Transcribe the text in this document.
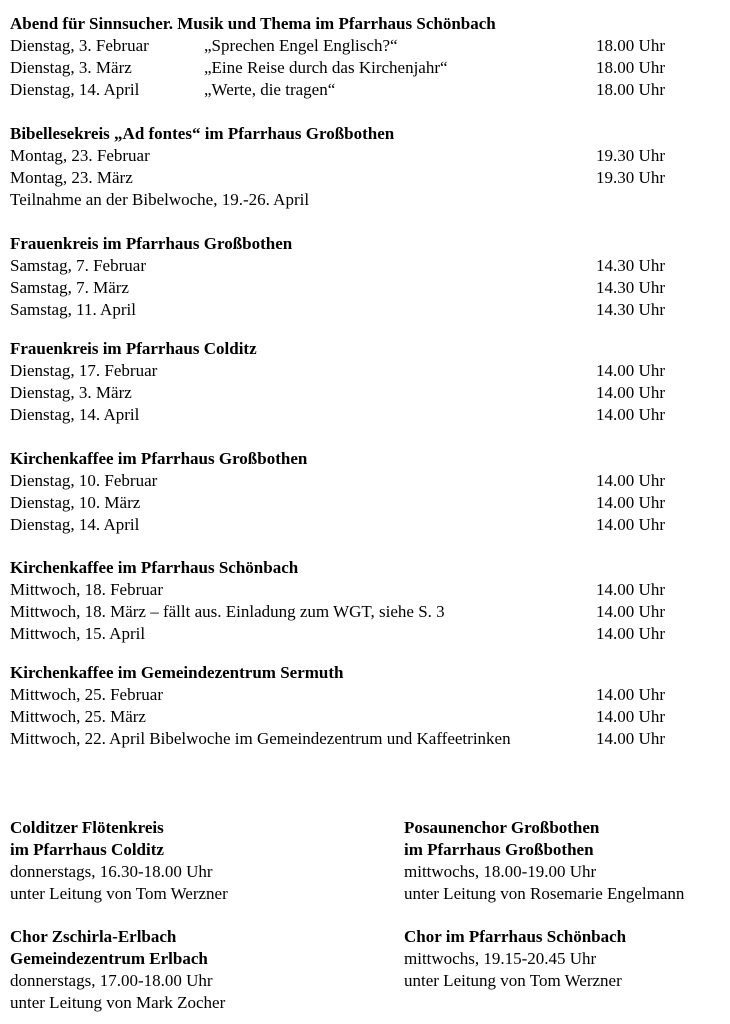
Abend für Sinnsucher. Musik und Thema im Pfarrhaus Schönbach
Dienstag, 3. Februar	„Sprechen Engel Englisch?“	18.00 Uhr
Dienstag, 3. März	„Eine Reise durch das Kirchenjahr“	18.00 Uhr
Dienstag, 14. April	„Werte, die tragen“	18.00 Uhr
Bibellesekreis „Ad fontes“ im Pfarrhaus Großbothen
Montag, 23. Februar	19.30 Uhr
Montag, 23. März	19.30 Uhr
Teilnahme an der Bibelwoche, 19.-26. April
Frauenkreis im Pfarrhaus Großbothen
Samstag, 7. Februar	14.30 Uhr
Samstag, 7. März	14.30 Uhr
Samstag, 11. April	14.30 Uhr
Frauenkreis im Pfarrhaus Colditz
Dienstag, 17. Februar	14.00 Uhr
Dienstag, 3. März	14.00 Uhr
Dienstag, 14. April	14.00 Uhr
Kirchenkaffee im Pfarrhaus Großbothen
Dienstag, 10. Februar	14.00 Uhr
Dienstag, 10. März	14.00 Uhr
Dienstag, 14. April	14.00 Uhr
Kirchenkaffee im Pfarrhaus Schönbach
Mittwoch, 18. Februar	14.00 Uhr
Mittwoch, 18. März – fällt aus. Einladung zum WGT, siehe S. 3	14.00 Uhr
Mittwoch, 15. April	14.00 Uhr
Kirchenkaffee im Gemeindezentrum Sermuth
Mittwoch, 25. Februar	14.00 Uhr
Mittwoch, 25. März	14.00 Uhr
Mittwoch, 22. April Bibelwoche im Gemeindezentrum und Kaffeetrinken	14.00 Uhr
Colditzer Flötenkreis
im Pfarrhaus Colditz
donnerstags, 16.30-18.00 Uhr
unter Leitung von Tom Werzner
Posaunenchor Großbothen
im Pfarrhaus Großbothen
mittwochs, 18.00-19.00 Uhr
unter Leitung von Rosemarie Engelmann
Chor Zschirla-Erlbach
Gemeindezentrum Erlbach
donnerstags, 17.00-18.00 Uhr
unter Leitung von Mark Zocher
Chor im Pfarrhaus Schönbach
mittwochs, 19.15-20.45 Uhr
unter Leitung von Tom Werzner
